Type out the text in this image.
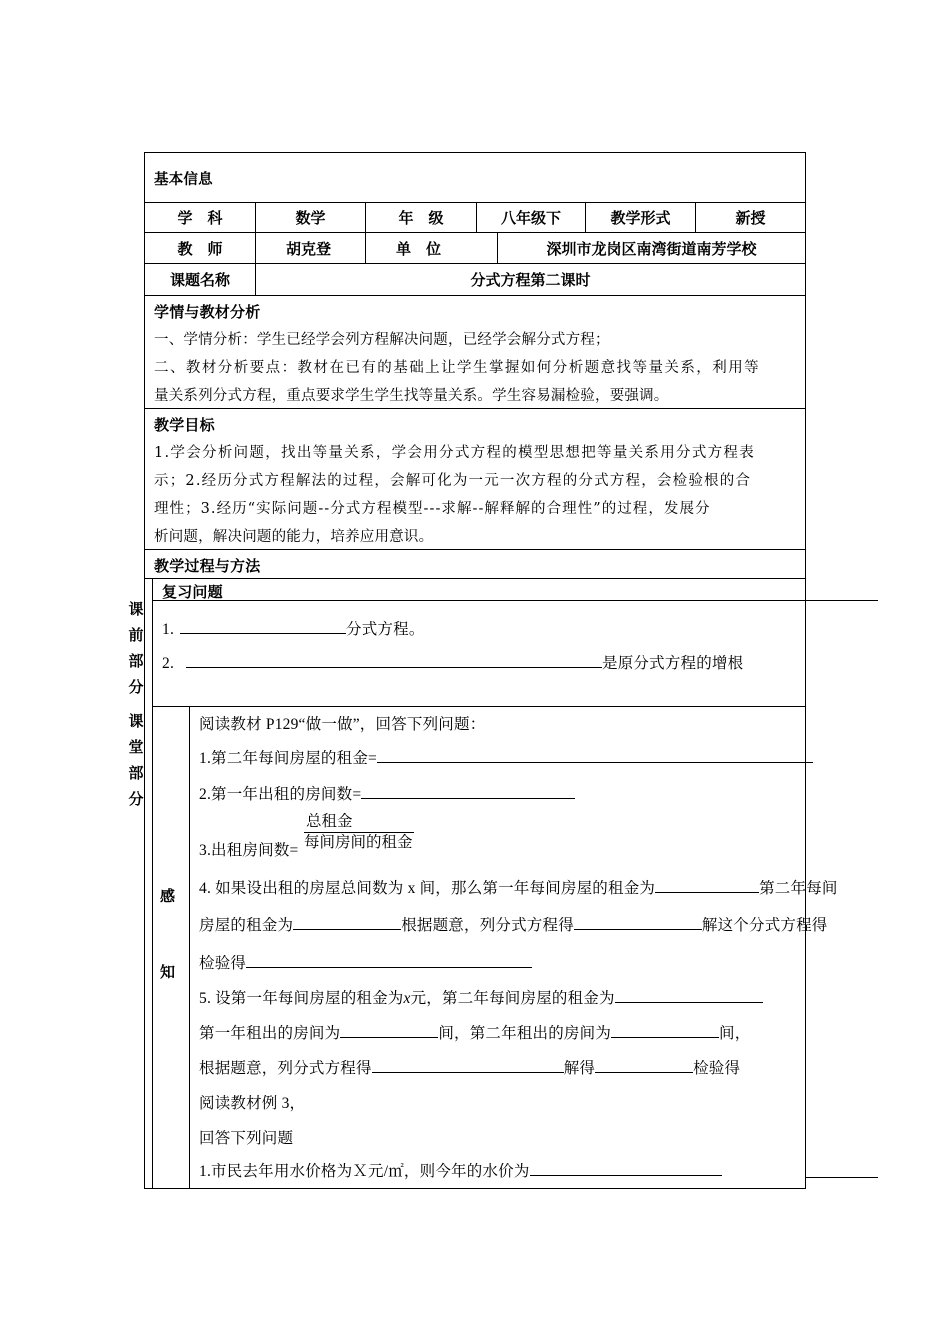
基本信息
学　科	数学	年　级	八年级下	教学形式	新授
教　师	胡克登	单　位	深圳市龙岗区南湾街道南芳学校
课题名称	分式方程第二课时
学情与教材分析
一、学情分析：学生已经学会列方程解决问题，已经学会解分式方程；
二、教材分析要点：教材在已有的基础上让学生掌握如何分析题意找等量关系，利用等
量关系列分式方程，重点要求学生学生找等量关系。学生容易漏检验，要强调。
教学目标
1.学会分析问题，找出等量关系，学会用分式方程的模型思想把等量关系用分式方程表
示；2.经历分式方程解法的过程，会解可化为一元一次方程的分式方程，会检验根的合
理性；3.经历“实际问题--分式方程模型---求解--解释解的合理性”的过程，发展分
析问题，解决问题的能力，培养应用意识。
教学过程与方法
课
前
部
分
课
堂
部
分
复习问题
1.	分式方程。
2.	是原分式方程的增根
感
知
阅读教材 P129“做一做”，回答下列问题：
1.第二年每间房屋的租金=
2.第一年出租的房间数=
3.出租房间数=
总租金
每间房间的租金
4. 如果设出租的房屋总间数为 x 间，那么第一年每间房屋的租金为	第二年每间
房屋的租金为	根据题意，列分式方程得	解这个分式方程得
检验得
5. 设第一年每间房屋的租金为x元，第二年每间房屋的租金为
第一年租出的房间为	间，第二年租出的房间为	间，
根据题意，列分式方程得	解得	检验得
阅读教材例 3，
回答下列问题
1.市民去年用水价格为Ｘ元/㎡，则今年的水价为
